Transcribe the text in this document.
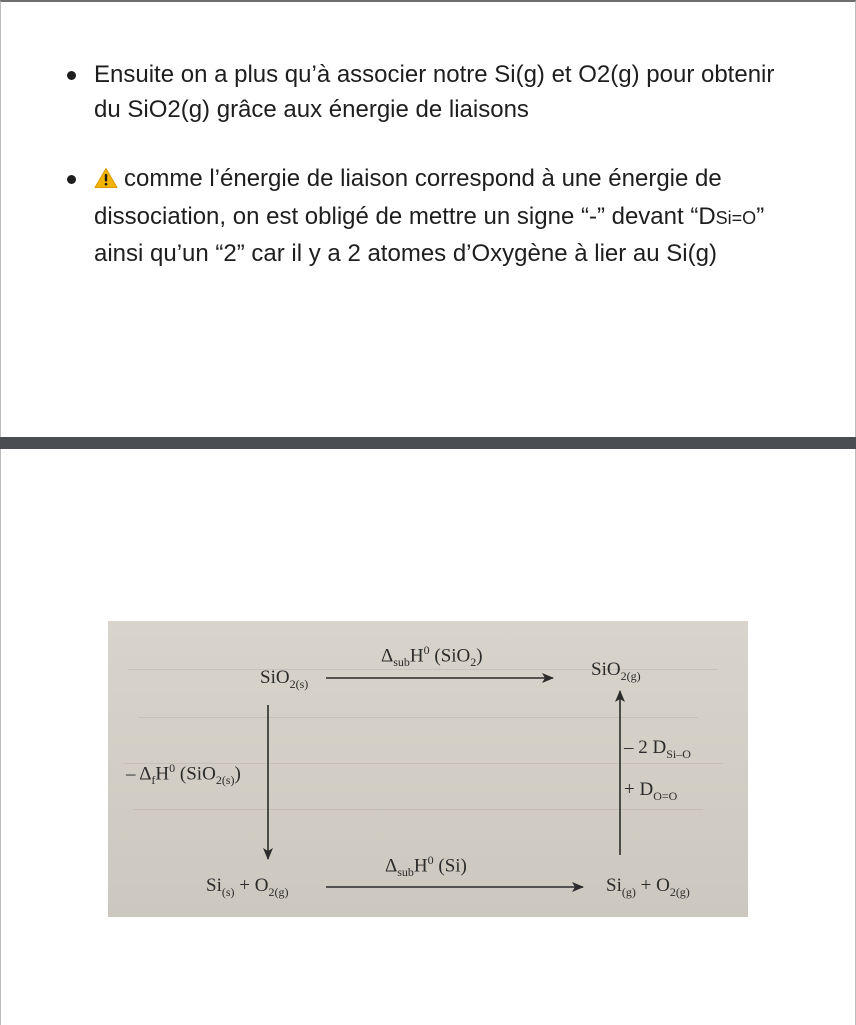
Ensuite on a plus qu’à associer notre Si(g) et O2(g) pour obtenir du SiO2(g) grâce aux énergie de liaisons
comme l’énergie de liaison correspond à une énergie de dissociation, on est obligé de mettre un signe “-” devant “DSi=O” ainsi qu’un “2” car il y a 2 atomes d’Oxygène à lier au Si(g)
SiO$_{2(s)}$
SiO$_{2(g)}$
$Si_{(s)} + O_{2(g)}$	$Si_{(g)} + O_{2(g)}$
$\Delta_{sub}H^0$ (SiO$_2$)
$\Delta_{sub}H^0$ (Si)
– $\Delta_fH^0$ (SiO$_{2(s)}$)
– 2 $D_{Si-O}$
+ $D_{O=O}$
